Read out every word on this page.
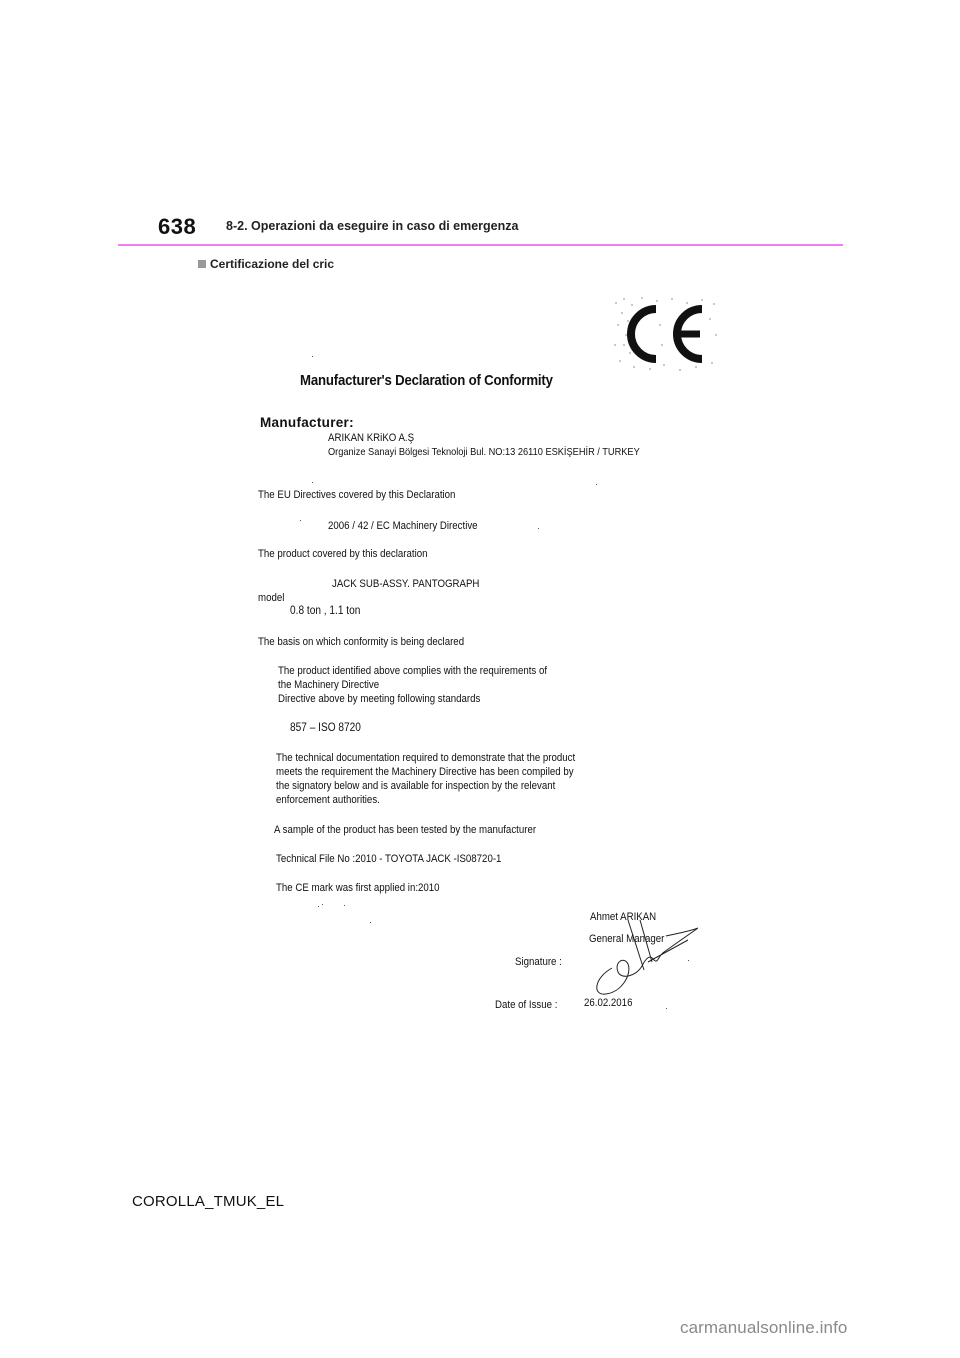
638 8-2. Operazioni da eseguire in caso di emergenza
Certificazione del cric
Manufacturer's Declaration of Conformity
Manufacturer:
ARIKAN KRiKO A.Ş
Organize Sanayi Bölgesi Teknoloji Bul. NO:13 26110 ESKİŞEHİR / TURKEY
The EU Directives covered by this Declaration
2006 / 42 / EC Machinery Directive
The product covered by this declaration
JACK SUB-ASSY. PANTOGRAPH
model
0.8 ton , 1.1 ton
The basis on which conformity is being declared
The product identified above complies with the requirements of
the Machinery Directive
Directive above by meeting following standards
857 – ISO 8720
The technical documentation required to demonstrate that the product
meets the requirement the Machinery Directive has been compiled by
the signatory below and is available for inspection by the relevant
enforcement authorities.
A sample of the product has been tested by the manufacturer
Technical File No :2010 - TOYOTA JACK -IS08720-1
The CE mark was first applied in:2010
Ahmet ARIKAN
General Manager
Signature :
Date of Issue : 26.02.2016
COROLLA_TMUK_EL
carmanualsonline.info
